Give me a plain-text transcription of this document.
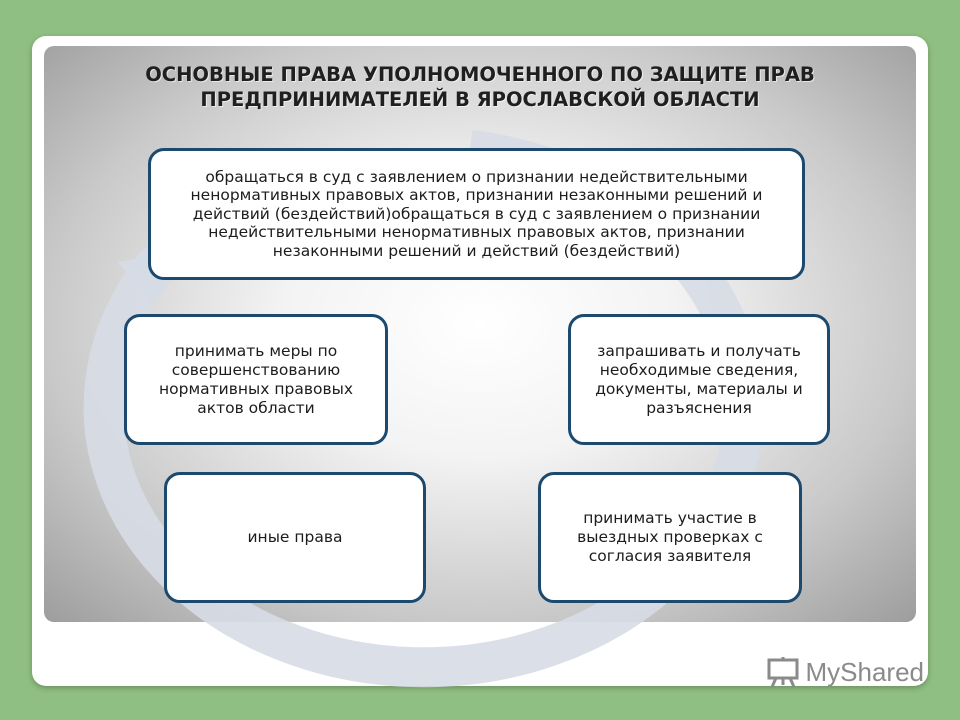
ОСНОВНЫЕ ПРАВА УПОЛНОМОЧЕННОГО ПО ЗАЩИТЕ ПРАВ
ПРЕДПРИНИМАТЕЛЕЙ В ЯРОСЛАВСКОЙ ОБЛАСТИ
обращаться в суд с заявлением о признании недействительными ненормативных правовых актов, признании незаконными решений и действий (бездействий)обращаться в суд с заявлением о признании недействительными ненормативных правовых актов, признании незаконными решений и действий (бездействий)
принимать меры по совершенствованию нормативных правовых актов области
запрашивать и получать необходимые сведения, документы, материалы и разъяснения
иные права
принимать участие в выездных проверках с согласия заявителя
MyShared
